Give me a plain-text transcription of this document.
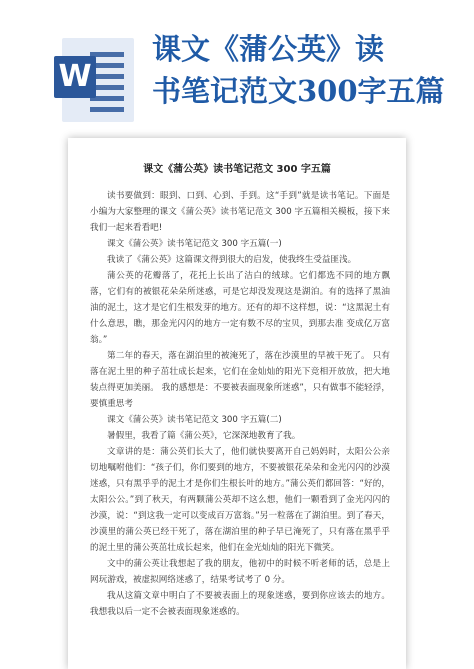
W
课文《蒲公英》读
书笔记范文300字五篇
课文《蒲公英》读书笔记范文 300 字五篇

读书要做到：眼到、口到、心到、手到。这“手到”就是读书笔记。下面是小编为大家整理的课文《蒲公英》读书笔记范文 300 字五篇相关模板，接下来我们一起来看看吧!

课文《蒲公英》读书笔记范文 300 字五篇(一)

我读了《蒲公英》这篇课文得到很大的启发，使我终生受益匪浅。

蒲公英的花瓣落了，花托上长出了洁白的绒球。它们都选不同的地方飘落，它们有的被银花朵朵所迷惑，可是它却没发现这是湖泊。有的选择了黑油油的泥土，这才是它们生根发芽的地方。还有的却不这样想，说：“这黑泥土有什么意思，瞧，那金光闪闪的地方一定有数不尽的宝贝，到那去准 变成亿万富翁。”

第二年的春天，落在湖泊里的被淹死了，落在沙漠里的早被干死了。 只有落在泥土里的种子茁壮成长起来，它们在金灿灿的阳光下竞相开放放，把大地装点得更加美丽。 我的感想是：不要被表面现象所迷惑”，只有做事不能轻浮，要慎重思考

课文《蒲公英》读书笔记范文 300 字五篇(二)

暑假里，我看了篇《蒲公英》，它深深地教育了我。

文章讲的是：蒲公英们长大了，他们就快要离开自己妈妈时，太阳公公亲切地嘱咐他们：“孩子们，你们要到的地方，不要被银花朵朵和金光闪闪的沙漠迷惑，只有黑乎乎的泥土才是你们生根长叶的地方。”蒲公英们都回答：“好的，太阳公公。”到了秋天，有两颗蒲公英却不这么想，他们一颗看到了金光闪闪的沙漠，说：“到这我一定可以变成百万富翁。”另一粒落在了湖泊里。到了春天，沙漠里的蒲公英已经干死了，落在湖泊里的种子早已淹死了，只有落在黑乎乎的泥土里的蒲公英茁壮成长起来，他们在金光灿灿的阳光下微笑。

文中的蒲公英让我想起了我的朋友，他初中的时候不听老师的话，总是上网玩游戏，被虚拟网络迷惑了，结果考试考了 0 分。

我从这篇文章中明白了不要被表面上的现象迷惑，要到你应该去的地方。我想我以后一定不会被表面现象迷惑的。
